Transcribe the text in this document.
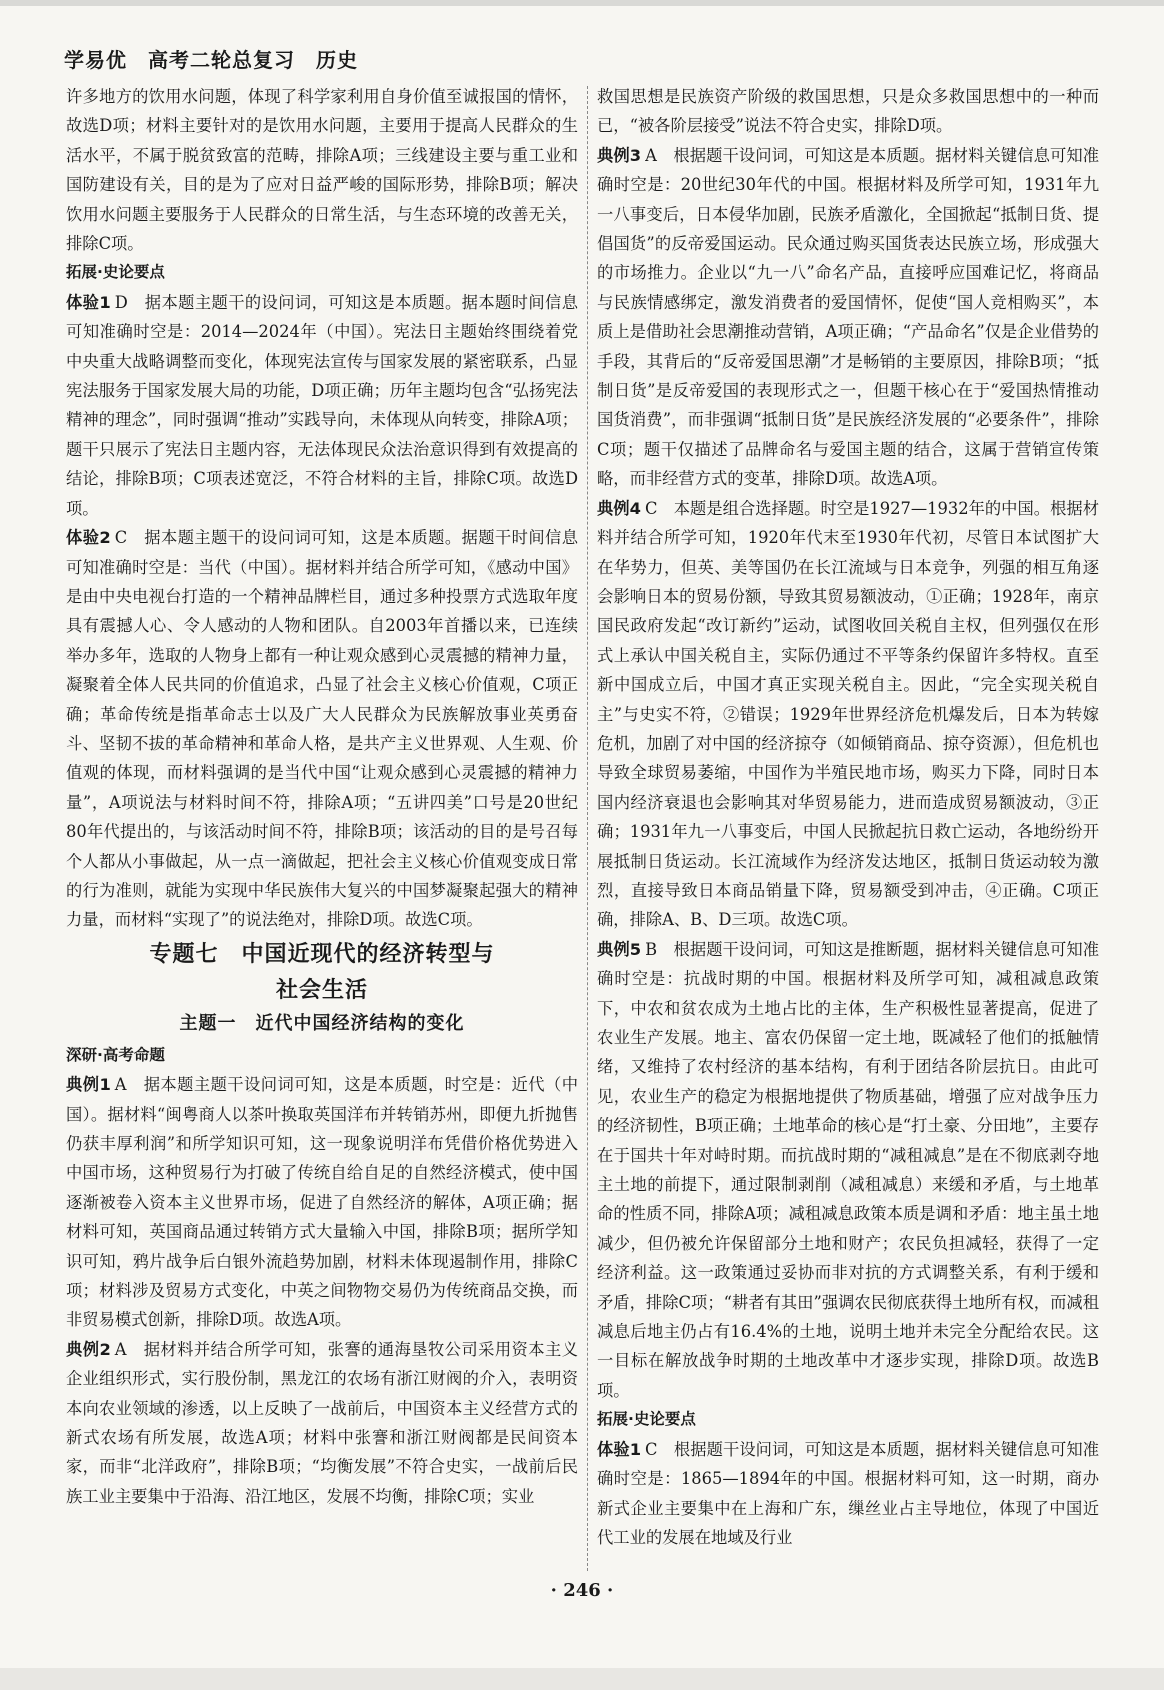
学易优　高考二轮总复习　历史

许多地方的饮用水问题，体现了科学家利用自身价值至诚报国的情怀，故选D项；材料主要针对的是饮用水问题，主要用于提高人民群众的生活水平，不属于脱贫致富的范畴，排除A项；三线建设主要与重工业和国防建设有关，目的是为了应对日益严峻的国际形势，排除B项；解决饮用水问题主要服务于人民群众的日常生活，与生态环境的改善无关，排除C项。

拓展·史论要点

体验1 D　据本题主题干的设问词，可知这是本质题。据本题时间信息可知准确时空是：2014—2024年（中国）。宪法日主题始终围绕着党中央重大战略调整而变化，体现宪法宣传与国家发展的紧密联系，凸显宪法服务于国家发展大局的功能，D项正确；历年主题均包含“弘扬宪法精神的理念”，同时强调“推动”实践导向，未体现从向转变，排除A项；题干只展示了宪法日主题内容，无法体现民众法治意识得到有效提高的结论，排除B项；C项表述宽泛，不符合材料的主旨，排除C项。故选D项。

体验2 C　据本题主题干的设问词可知，这是本质题。据题干时间信息可知准确时空是：当代（中国）。据材料并结合所学可知，《感动中国》是由中央电视台打造的一个精神品牌栏目，通过多种投票方式选取年度具有震撼人心、令人感动的人物和团队。自2003年首播以来，已连续举办多年，选取的人物身上都有一种让观众感到心灵震撼的精神力量，凝聚着全体人民共同的价值追求，凸显了社会主义核心价值观，C项正确；革命传统是指革命志士以及广大人民群众为民族解放事业英勇奋斗、坚韧不拔的革命精神和革命人格，是共产主义世界观、人生观、价值观的体现，而材料强调的是当代中国“让观众感到心灵震撼的精神力量”，A项说法与材料时间不符，排除A项；“五讲四美”口号是20世纪80年代提出的，与该活动时间不符，排除B项；该活动的目的是号召每个人都从小事做起，从一点一滴做起，把社会主义核心价值观变成日常的行为准则，就能为实现中华民族伟大复兴的中国梦凝聚起强大的精神力量，而材料“实现了”的说法绝对，排除D项。故选C项。

专题七　中国近现代的经济转型与
社会生活
主题一　近代中国经济结构的变化
深研·高考命题

典例1 A　据本题主题干设问词可知，这是本质题，时空是：近代（中国）。据材料“闽粤商人以茶叶换取英国洋布并转销苏州，即便九折抛售仍获丰厚利润”和所学知识可知，这一现象说明洋布凭借价格优势进入中国市场，这种贸易行为打破了传统自给自足的自然经济模式，使中国逐渐被卷入资本主义世界市场，促进了自然经济的解体，A项正确；据材料可知，英国商品通过转销方式大量输入中国，排除B项；据所学知识可知，鸦片战争后白银外流趋势加剧，材料未体现遏制作用，排除C项；材料涉及贸易方式变化，中英之间物物交易仍为传统商品交换，而非贸易模式创新，排除D项。故选A项。

典例2 A　据材料并结合所学可知，张謇的通海垦牧公司采用资本主义企业组织形式，实行股份制，黑龙江的农场有浙江财阀的介入，表明资本向农业领域的渗透，以上反映了一战前后，中国资本主义经营方式的新式农场有所发展，故选A项；材料中张謇和浙江财阀都是民间资本家，而非“北洋政府”，排除B项；“均衡发展”不符合史实，一战前后民族工业主要集中于沿海、沿江地区，发展不均衡，排除C项；实业

救国思想是民族资产阶级的救国思想，只是众多救国思想中的一种而已，“被各阶层接受”说法不符合史实，排除D项。

典例3 A　根据题干设问词，可知这是本质题。据材料关键信息可知准确时空是：20世纪30年代的中国。根据材料及所学可知，1931年九一八事变后，日本侵华加剧，民族矛盾激化，全国掀起“抵制日货、提倡国货”的反帝爱国运动。民众通过购买国货表达民族立场，形成强大的市场推力。企业以“九一八”命名产品，直接呼应国难记忆，将商品与民族情感绑定，激发消费者的爱国情怀，促使“国人竞相购买”，本质上是借助社会思潮推动营销，A项正确；“产品命名”仅是企业借势的手段，其背后的“反帝爱国思潮”才是畅销的主要原因，排除B项；“抵制日货”是反帝爱国的表现形式之一，但题干核心在于“爱国热情推动国货消费”，而非强调“抵制日货”是民族经济发展的“必要条件”，排除C项；题干仅描述了品牌命名与爱国主题的结合，这属于营销宣传策略，而非经营方式的变革，排除D项。故选A项。

典例4 C　本题是组合选择题。时空是1927—1932年的中国。根据材料并结合所学可知，1920年代末至1930年代初，尽管日本试图扩大在华势力，但英、美等国仍在长江流域与日本竞争，列强的相互角逐会影响日本的贸易份额，导致其贸易额波动，①正确；1928年，南京国民政府发起“改订新约”运动，试图收回关税自主权，但列强仅在形式上承认中国关税自主，实际仍通过不平等条约保留许多特权。直至新中国成立后，中国才真正实现关税自主。因此，“完全实现关税自主”与史实不符，②错误；1929年世界经济危机爆发后，日本为转嫁危机，加剧了对中国的经济掠夺（如倾销商品、掠夺资源），但危机也导致全球贸易萎缩，中国作为半殖民地市场，购买力下降，同时日本国内经济衰退也会影响其对华贸易能力，进而造成贸易额波动，③正确；1931年九一八事变后，中国人民掀起抗日救亡运动，各地纷纷开展抵制日货运动。长江流域作为经济发达地区，抵制日货运动较为激烈，直接导致日本商品销量下降，贸易额受到冲击，④正确。C项正确，排除A、B、D三项。故选C项。

典例5 B　根据题干设问词，可知这是推断题，据材料关键信息可知准确时空是：抗战时期的中国。根据材料及所学可知，减租减息政策下，中农和贫农成为土地占比的主体，生产积极性显著提高，促进了农业生产发展。地主、富农仍保留一定土地，既减轻了他们的抵触情绪，又维持了农村经济的基本结构，有利于团结各阶层抗日。由此可见，农业生产的稳定为根据地提供了物质基础，增强了应对战争压力的经济韧性，B项正确；土地革命的核心是“打土豪、分田地”，主要存在于国共十年对峙时期。而抗战时期的“减租减息”是在不彻底剥夺地主土地的前提下，通过限制剥削（减租减息）来缓和矛盾，与土地革命的性质不同，排除A项；减租减息政策本质是调和矛盾：地主虽土地减少，但仍被允许保留部分土地和财产；农民负担减轻，获得了一定经济利益。这一政策通过妥协而非对抗的方式调整关系，有利于缓和矛盾，排除C项；“耕者有其田”强调农民彻底获得土地所有权，而减租减息后地主仍占有16.4%的土地，说明土地并未完全分配给农民。这一目标在解放战争时期的土地改革中才逐步实现，排除D项。故选B项。

拓展·史论要点

体验1 C　根据题干设问词，可知这是本质题，据材料关键信息可知准确时空是：1865—1894年的中国。根据材料可知，这一时期，商办新式企业主要集中在上海和广东，缫丝业占主导地位，体现了中国近代工业的发展在地域及行业

· 246 ·
